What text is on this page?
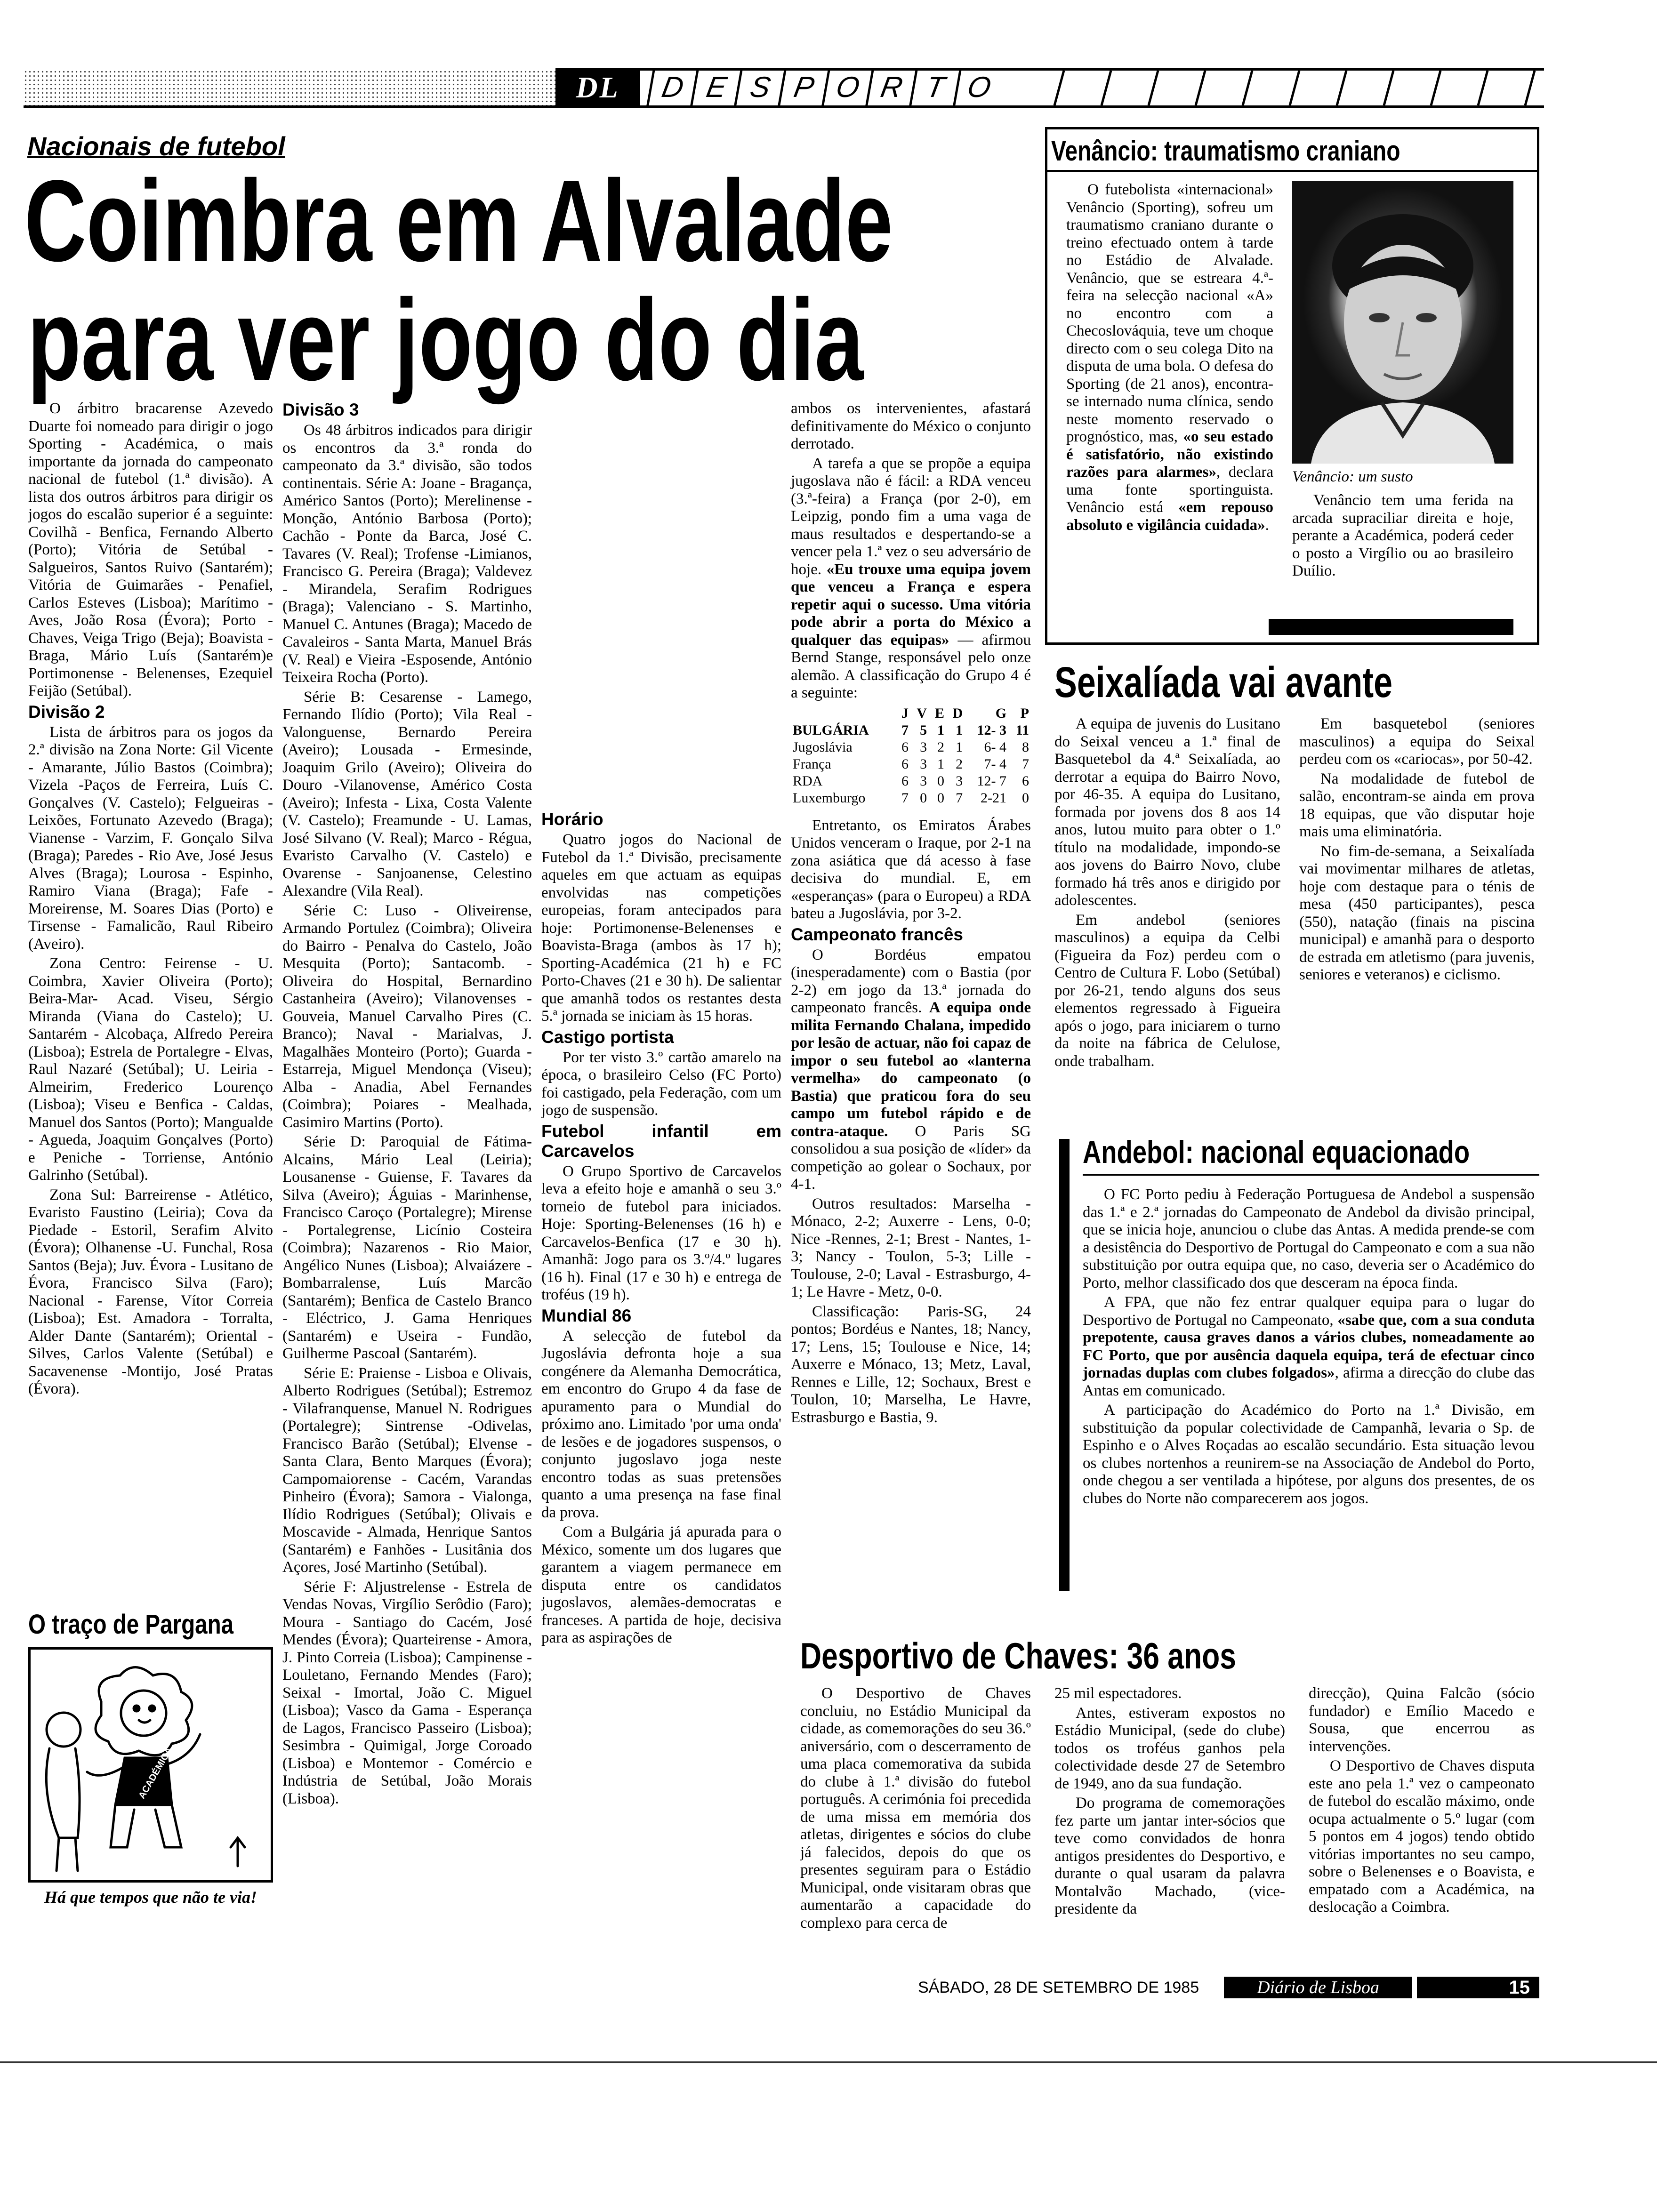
DL	D E S P O R T O
Nacionais de futebol
Coimbra em Alvalade
para ver jogo do dia

O árbitro bracarense Azevedo Duarte foi nomeado para dirigir o jogo Sporting - Académica, o mais importante da jornada do campeonato nacional de futebol (1.ª divisão). A lista dos outros árbitros para dirigir os jogos do escalão superior é a seguinte: Covilhã - Benfica, Fernando Alberto (Porto); Vitória de Setúbal - Salgueiros, Santos Ruivo (Santarém); Vitória de Guimarães - Penafiel, Carlos Esteves (Lisboa); Marítimo - Aves, João Rosa (Évora); Porto - Chaves, Veiga Trigo (Beja); Boavista - Braga, Mário Luís (Santarém)e Portimonense - Belenenses, Ezequiel Feijão (Setúbal).

Divisão 2

Lista de árbitros para os jogos da 2.ª divisão na Zona Norte: Gil Vicente - Amarante, Júlio Bastos (Coimbra); Vizela -Paços de Ferreira, Luís C. Gonçalves (V. Castelo); Felgueiras -Leixões, Fortunato Azevedo (Braga); Vianense - Varzim, F. Gonçalo Silva (Braga); Paredes - Rio Ave, José Jesus Alves (Braga); Lourosa - Espinho, Ramiro Viana (Braga); Fafe -Moreirense, M. Soares Dias (Porto) e Tirsense - Famalicão, Raul Ribeiro (Aveiro).

Zona Centro: Feirense - U. Coimbra, Xavier Oliveira (Porto); Beira-Mar- Acad. Viseu, Sérgio Miranda (Viana do Castelo); U. Santarém - Alcobaça, Alfredo Pereira (Lisboa); Estrela de Portalegre - Elvas, Raul Nazaré (Setúbal); U. Leiria - Almeirim, Frederico Lourenço (Lisboa); Viseu e Benfica - Caldas, Manuel dos Santos (Porto); Mangualde - Agueda, Joaquim Gonçalves (Porto) e Peniche - Torriense, António Galrinho (Setúbal).

Zona Sul: Barreirense - Atlético, Evaristo Faustino (Leiria); Cova da Piedade - Estoril, Serafim Alvito (Évora); Olhanense -U. Funchal, Rosa Santos (Beja); Juv. Évora - Lusitano de Évora, Francisco Silva (Faro); Nacional - Farense, Vítor Correia (Lisboa); Est. Amadora - Torralta, Alder Dante (Santarém); Oriental - Silves, Carlos Valente (Setúbal) e Sacavenense -Montijo, José Pratas (Évora).

Divisão 3

Os 48 árbitros indicados para dirigir os encontros da 3.ª ronda do campeonato da 3.ª divisão, são todos continentais. Série A: Joane - Bragança, Américo Santos (Porto); Merelinense - Monção, António Barbosa (Porto); Cachão - Ponte da Barca, José C. Tavares (V. Real); Trofense -Limianos, Francisco G. Pereira (Braga); Valdevez - Mirandela, Serafim Rodrigues (Braga); Valenciano - S. Martinho, Manuel C. Antunes (Braga); Macedo de Cavaleiros - Santa Marta, Manuel Brás (V. Real) e Vieira -Esposende, António Teixeira Rocha (Porto).

Série B: Cesarense - Lamego, Fernando Ilídio (Porto); Vila Real - Valonguense, Bernardo Pereira (Aveiro); Lousada - Ermesinde, Joaquim Grilo (Aveiro); Oliveira do Douro -Vilanovense, Américo Costa (Aveiro); Infesta - Lixa, Costa Valente (V. Castelo); Freamunde - U. Lamas, José Silvano (V. Real); Marco - Régua, Evaristo Carvalho (V. Castelo) e Ovarense - Sanjoanense, Celestino Alexandre (Vila Real).

Série C: Luso - Oliveirense, Armando Portulez (Coimbra); Oliveira do Bairro - Penalva do Castelo, João Mesquita (Porto); Santacomb. - Oliveira do Hospital, Bernardino Castanheira (Aveiro); Vilanovenses - Gouveia, Manuel Carvalho Pires (C. Branco); Naval - Marialvas, J. Magalhães Monteiro (Porto); Guarda - Estarreja, Miguel Mendonça (Viseu); Alba - Anadia, Abel Fernandes (Coimbra); Poiares - Mealhada, Casimiro Martins (Porto).

Série D: Paroquial de Fátima-Alcains, Mário Leal (Leiria); Lousanense - Guiense, F. Tavares da Silva (Aveiro); Águias - Marinhense, Francisco Caroço (Portalegre); Mirense - Portalegrense, Licínio Costeira (Coimbra); Nazarenos - Rio Maior, Angélico Nunes (Lisboa); Alvaiázere - Bombarralense, Luís Marcão (Santarém); Benfica de Castelo Branco - Eléctrico, J. Gama Henriques (Santarém) e Useira - Fundão, Guilherme Pascoal (Santarém).

Série E: Praiense - Lisboa e Olivais, Alberto Rodrigues (Setúbal); Estremoz - Vilafranquense, Manuel N. Rodrigues (Portalegre); Sintrense -Odivelas, Francisco Barão (Setúbal); Elvense - Santa Clara, Bento Marques (Évora); Campomaiorense - Cacém, Varandas Pinheiro (Évora); Samora - Vialonga, Ilídio Rodrigues (Setúbal); Olivais e Moscavide - Almada, Henrique Santos (Santarém) e Fanhões - Lusitânia dos Açores, José Martinho (Setúbal).

Série F: Aljustrelense - Estrela de Vendas Novas, Virgílio Serôdio (Faro); Moura - Santiago do Cacém, José Mendes (Évora); Quarteirense - Amora, J. Pinto Correia (Lisboa); Campinense - Louletano, Fernando Mendes (Faro); Seixal - Imortal, João C. Miguel (Lisboa); Vasco da Gama - Esperança de Lagos, Francisco Passeiro (Lisboa); Sesimbra - Quimigal, Jorge Coroado (Lisboa) e Montemor - Comércio e Indústria de Setúbal, João Morais (Lisboa).

Horário

Quatro jogos do Nacional de Futebol da 1.ª Divisão, precisamente aqueles em que actuam as equipas envolvidas nas competições europeias, foram antecipados para hoje: Portimonense-Belenenses e Boavista-Braga (ambos às 17 h); Sporting-Académica (21 h) e FC Porto-Chaves (21 e 30 h). De salientar que amanhã todos os restantes desta 5.ª jornada se iniciam às 15 horas.

Castigo portista

Por ter visto 3.º cartão amarelo na época, o brasileiro Celso (FC Porto) foi castigado, pela Federação, com um jogo de suspensão.

Futebol infantil em Carcavelos

O Grupo Sportivo de Carcavelos leva a efeito hoje e amanhã o seu 3.º torneio de futebol para iniciados. Hoje: Sporting-Belenenses (16 h) e Carcavelos-Benfica (17 e 30 h). Amanhã: Jogo para os 3.º/4.º lugares (16 h). Final (17 e 30 h) e entrega de troféus (19 h).

Mundial 86

A selecção de futebol da Jugoslávia defronta hoje a sua congénere da Alemanha Democrática, em encontro do Grupo 4 da fase de apuramento para o Mundial do próximo ano. Limitado 'por uma onda' de lesões e de jogadores suspensos, o conjunto jugoslavo joga neste encontro todas as suas pretensões quanto a uma presença na fase final da prova.

Com a Bulgária já apurada para o México, somente um dos lugares que garantem a viagem permanece em disputa entre os candidatos jugoslavos, alemães-democratas e franceses. A partida de hoje, decisiva para as aspirações de

ambos os intervenientes, afastará definitivamente do México o conjunto derrotado.

A tarefa a que se propõe a equipa jugoslava não é fácil: a RDA venceu (3.ª-feira) a França (por 2-0), em Leipzig, pondo fim a uma vaga de maus resultados e despertando-se a vencer pela 1.ª vez o seu adversário de hoje. «Eu trouxe uma equipa jovem que venceu a França e espera repetir aqui o sucesso. Uma vitória pode abrir a porta do México a qualquer das equipas» — afirmou Bernd Stange, responsável pelo onze alemão. A classificação do Grupo 4 é a seguinte:

	J	V	E	D	G	P
BULGÁRIA	7	5	1	1	12- 3	11
Jugoslávia	6	3	2	1	6- 4	8
França	6	3	1	2	7- 4	7
RDA	6	3	0	3	12- 7	6
Luxemburgo	7	0	0	7	2-21	0

Entretanto, os Emiratos Árabes Unidos venceram o Iraque, por 2-1 na zona asiática que dá acesso à fase decisiva do mundial. E, em «esperanças» (para o Europeu) a RDA bateu a Jugoslávia, por 3-2.

Campeonato francês

O Bordéus empatou (inesperadamente) com o Bastia (por 2-2) em jogo da 13.ª jornada do campeonato francês. A equipa onde milita Fernando Chalana, impedido por lesão de actuar, não foi capaz de impor o seu futebol ao «lanterna vermelha» do campeonato (o Bastia) que praticou fora do seu campo um futebol rápido e de contra-ataque. O Paris SG consolidou a sua posição de «líder» da competição ao golear o Sochaux, por 4-1.

Outros resultados: Marselha - Mónaco, 2-2; Auxerre - Lens, 0-0; Nice -Rennes, 2-1; Brest - Nantes, 1-3; Nancy - Toulon, 5-3; Lille -Toulouse, 2-0; Laval - Estrasburgo, 4-1; Le Havre - Metz, 0-0.

Classificação: Paris-SG, 24 pontos; Bordéus e Nantes, 18; Nancy, 17; Lens, 15; Toulouse e Nice, 14; Auxerre e Mónaco, 13; Metz, Laval, Rennes e Lille, 12; Sochaux, Brest e Toulon, 10; Marselha, Le Havre, Estrasburgo e Bastia, 9.

Venâncio: traumatismo craniano

O futebolista «internacional» Venâncio (Sporting), sofreu um traumatismo craniano durante o treino efectuado ontem à tarde no Estádio de Alvalade. Venâncio, que se estreara 4.ª-feira na selecção nacional «A» no encontro com a Checoslováquia, teve um choque directo com o seu colega Dito na disputa de uma bola. O defesa do Sporting (de 21 anos), encontra-se internado numa clínica, sendo neste momento reservado o prognóstico, mas, «o seu estado é satisfatório, não existindo razões para alarmes», declara uma fonte sportinguista. Venâncio está «em repouso absoluto e vigilância cuidada».

Venâncio: um susto

Venâncio tem uma ferida na arcada supraciliar direita e hoje, perante a Académica, poderá ceder o posto a Virgílio ou ao brasileiro Duílio.

Seixalíada vai avante

A equipa de juvenis do Lusitano do Seixal venceu a 1.ª final de Basquetebol da 4.ª Seixalíada, ao derrotar a equipa do Bairro Novo, por 46-35. A equipa do Lusitano, formada por jovens dos 8 aos 14 anos, lutou muito para obter o 1.º título na modalidade, impondo-se aos jovens do Bairro Novo, clube formado há três anos e dirigido por adolescentes.

Em andebol (seniores masculinos) a equipa da Celbi (Figueira da Foz) perdeu com o Centro de Cultura F. Lobo (Setúbal) por 26-21, tendo alguns dos seus elementos regressado à Figueira após o jogo, para iniciarem o turno da noite na fábrica de Celulose, onde trabalham.

Em basquetebol (seniores masculinos) a equipa do Seixal perdeu com os «cariocas», por 50-42.

Na modalidade de futebol de salão, encontram-se ainda em prova 18 equipas, que vão disputar hoje mais uma eliminatória.

No fim-de-semana, a Seixalíada vai movimentar milhares de atletas, hoje com destaque para o ténis de mesa (450 participantes), pesca (550), natação (finais na piscina municipal) e amanhã para o desporto de estrada em atletismo (para juvenis, seniores e veteranos) e ciclismo.

Andebol: nacional equacionado

O FC Porto pediu à Federação Portuguesa de Andebol a suspensão das 1.ª e 2.ª jornadas do Campeonato de Andebol da divisão principal, que se inicia hoje, anunciou o clube das Antas. A medida prende-se com a desistência do Desportivo de Portugal do Campeonato e com a sua não substituição por outra equipa que, no caso, deveria ser o Académico do Porto, melhor classificado dos que desceram na época finda.

A FPA, que não fez entrar qualquer equipa para o lugar do Desportivo de Portugal no Campeonato, «sabe que, com a sua conduta prepotente, causa graves danos a vários clubes, nomeadamente ao FC Porto, que por ausência daquela equipa, terá de efectuar cinco jornadas duplas com clubes folgados», afirma a direcção do clube das Antas em comunicado.

A participação do Académico do Porto na 1.ª Divisão, em substituição da popular colectividade de Campanhã, levaria o Sp. de Espinho e o Alves Roçadas ao escalão secundário. Esta situação levou os clubes nortenhos a reunirem-se na Associação de Andebol do Porto, onde chegou a ser ventilada a hipótese, por alguns dos presentes, de os clubes do Norte não comparecerem aos jogos.

Desportivo de Chaves: 36 anos

O Desportivo de Chaves concluiu, no Estádio Municipal da cidade, as comemorações do seu 36.º aniversário, com o descerramento de uma placa comemorativa da subida do clube à 1.ª divisão do futebol português. A cerimónia foi precedida de uma missa em memória dos atletas, dirigentes e sócios do clube já falecidos, depois do que os presentes seguiram para o Estádio Municipal, onde visitaram obras que aumentarão a capacidade do complexo para cerca de

25 mil espectadores.

Antes, estiveram expostos no Estádio Municipal, (sede do clube) todos os troféus ganhos pela colectividade desde 27 de Setembro de 1949, ano da sua fundação.

Do programa de comemorações fez parte um jantar inter-sócios que teve como convidados de honra antigos presidentes do Desportivo, e durante o qual usaram da palavra Montalvão Machado, (vice-presidente da

direcção), Quina Falcão (sócio fundador) e Emílio Macedo e Sousa, que encerrou as intervenções.

O Desportivo de Chaves disputa este ano pela 1.ª vez o campeonato de futebol do escalão máximo, onde ocupa actualmente o 5.º lugar (com 5 pontos em 4 jogos) tendo obtido vitórias importantes no seu campo, sobre o Belenenses e o Boavista, e empatado com a Académica, na deslocação a Coimbra.

O traço de Pargana
ACADÉMICA
Há que tempos que não te via!
SÁBADO, 28 DE SETEMBRO DE 1985	Diário de Lisboa	15
